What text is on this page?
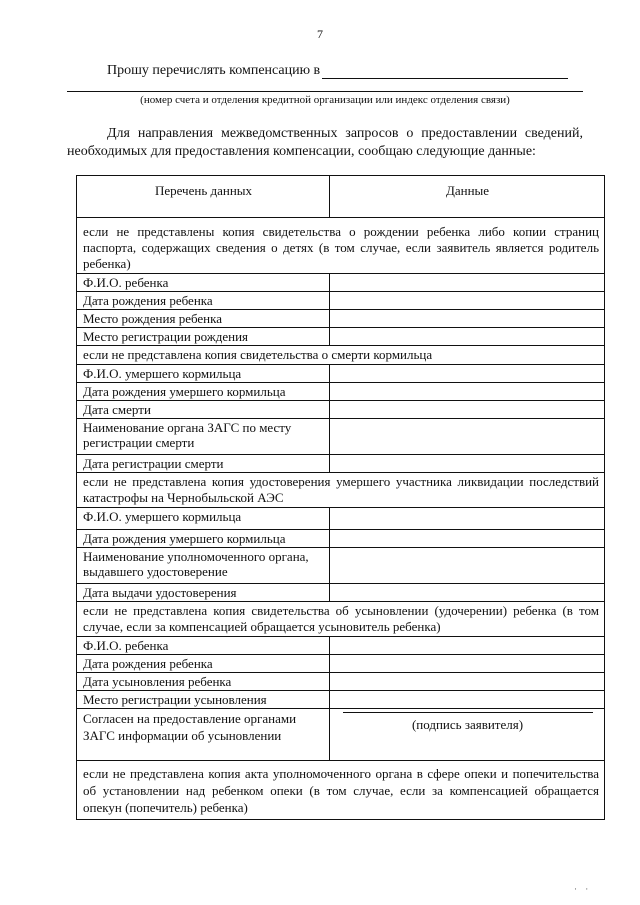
7
Прошу перечислять компенсацию в
(номер счета и отделения кредитной организации или индекс отделения связи)
Для направления межведомственных запросов о предоставлении сведений, необходимых для предоставления компенсации, сообщаю следующие данные:
Перечень данных	Данные
если не представлены копия свидетельства о рождении ребенка либо копии страниц паспорта, содержащих сведения о детях (в том случае, если заявитель является родитель ребенка)	
Ф.И.О. ребенка	
Дата рождения ребенка	
Место рождения ребенка	
Место регистрации рождения	
если не представлена копия свидетельства о смерти кормильца	
Ф.И.О. умершего кормильца	
Дата рождения умершего кормильца	
Дата смерти	
Наименование органа ЗАГС по месту регистрации смерти	
Дата регистрации смерти	
если не представлена копия удостоверения умершего участника ликвидации последствий катастрофы на Чернобыльской АЭС	
Ф.И.О. умершего кормильца	
Дата рождения умершего кормильца	
Наименование уполномоченного органа, выдавшего удостоверение	
Дата выдачи удостоверения	
если не представлена копия свидетельства об усыновлении (удочерении) ребенка (в том случае, если за компенсацией обращается усыновитель ребенка)	
Ф.И.О. ребенка	
Дата рождения ребенка	
Дата усыновления ребенка	
Место регистрации усыновления	
Согласен на предоставление органами ЗАГС информации об усыновлении	(подпись заявителя)
если не представлена копия акта уполномоченного органа в сфере опеки и попечительства об установлении над ребенком опеки (в том случае, если за компенсацией обращается опекун (попечитель) ребенка)	
· ·
